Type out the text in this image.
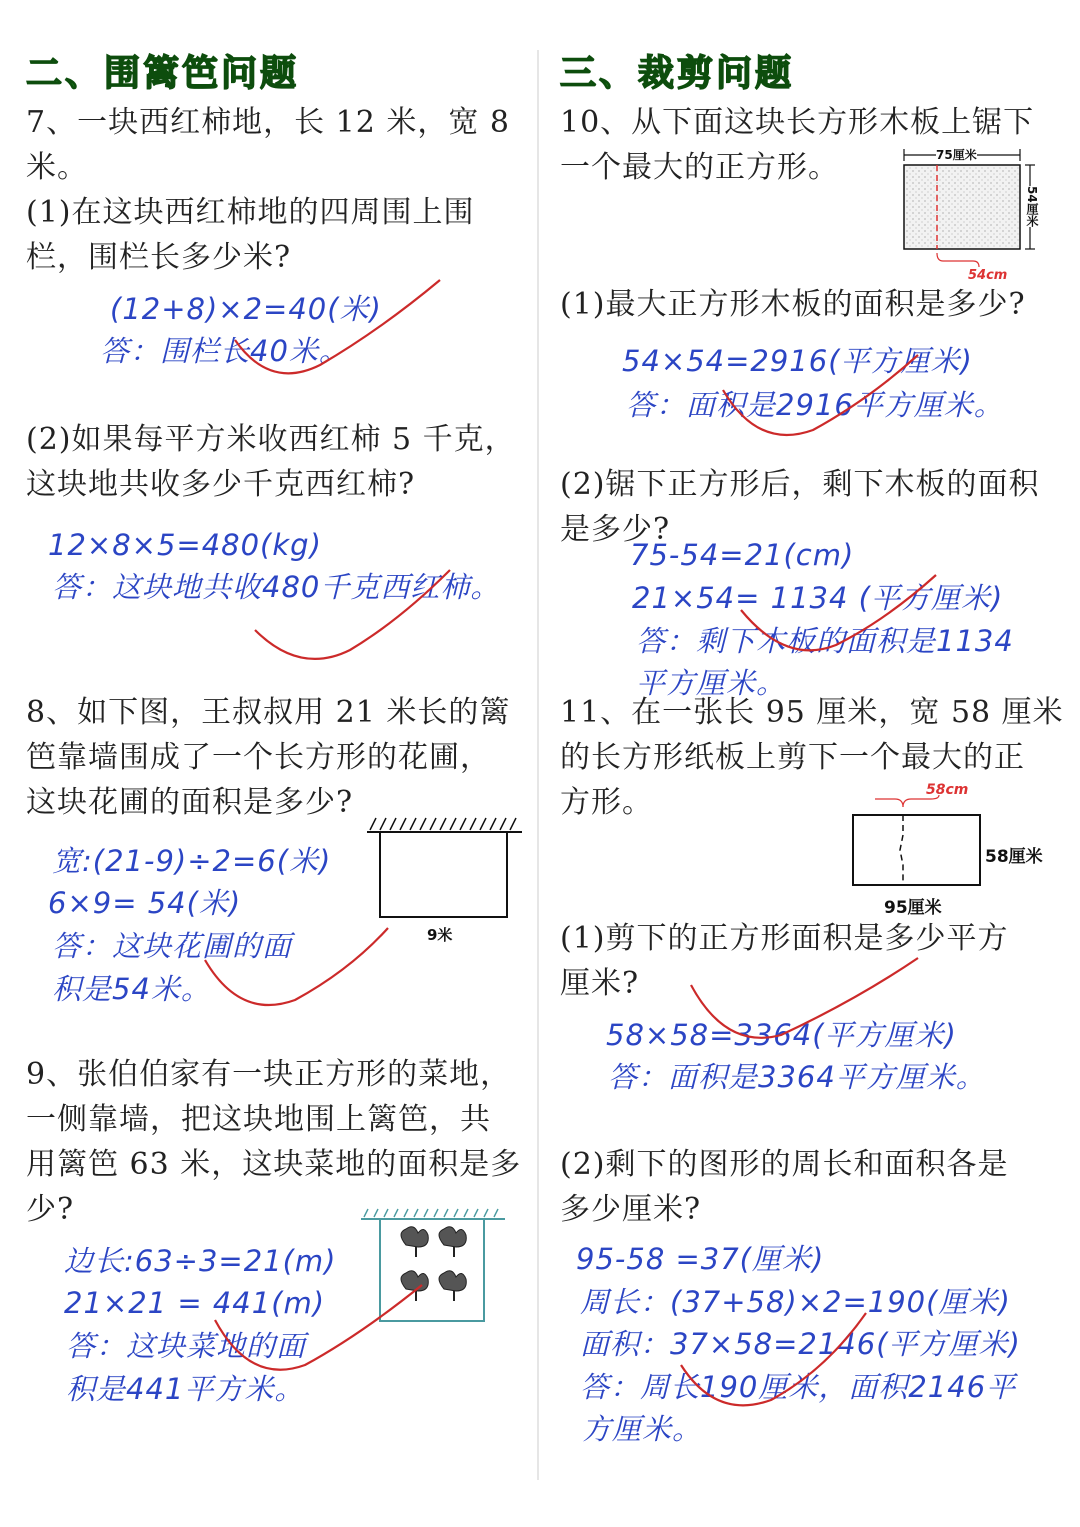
二、围篱笆问题
7、一块西红柿地，长 12 米，宽 8
米。
(1)在这块西红柿地的四周围上围
栏，围栏长多少米?
(12+8)×2=40(米)
答：围栏长40米。
(2)如果每平方米收西红柿 5 千克，
这块地共收多少千克西红柿?
12×8×5=480(kg)
答：这块地共收480千克西红柿。
8、如下图，王叔叔用 21 米长的篱
笆靠墙围成了一个长方形的花圃，
这块花圃的面积是多少?
9米
宽:(21-9)÷2=6(米)
6×9= 54(米)
答：这块花圃的面
积是54米。
9、张伯伯家有一块正方形的菜地，
一侧靠墙，把这块地围上篱笆，共
用篱笆 63 米，这块菜地的面积是多
少?
边长:63÷3=21(m)
21×21 = 441(m)
答：这块菜地的面
积是441平方米。
三、裁剪问题
10、从下面这块长方形木板上锯下
一个最大的正方形。	75厘米
54厘米
54cm
(1)最大正方形木板的面积是多少?
54×54=2916(平方厘米)
答：面积是2916平方厘米。
(2)锯下正方形后，剩下木板的面积
是多少?
75-54=21(cm)
21×54= 1134 (平方厘米)
答：剩下木板的面积是1134
平方厘米。
11、在一张长 95 厘米，宽 58 厘米
的长方形纸板上剪下一个最大的正
方形。	58cm
58厘米
95厘米
(1)剪下的正方形面积是多少平方
厘米?
58×58=3364(平方厘米)
答：面积是3364平方厘米。
(2)剩下的图形的周长和面积各是
多少厘米?
95-58 =37(厘米)
周长：(37+58)×2=190(厘米)
面积：37×58=2146(平方厘米)
答：周长190厘米，面积2146平
方厘米。
